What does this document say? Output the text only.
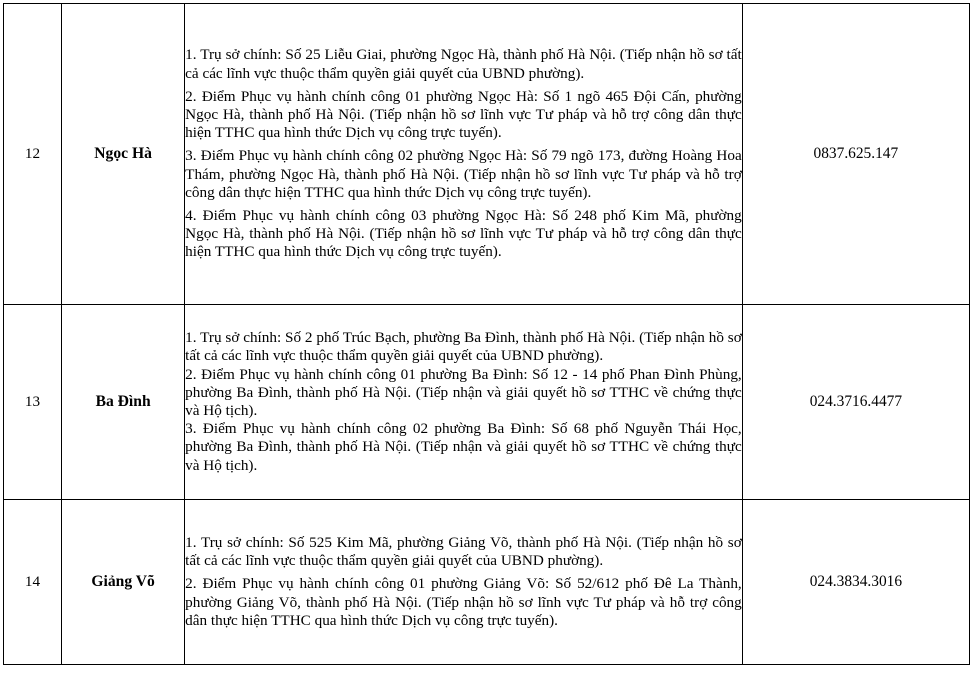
12	Ngọc Hà	1. Trụ sở chính: Số 25 Liễu Giai, phường Ngọc Hà, thành phố Hà Nội. (Tiếp nhận hồ sơ tất cả các lĩnh vực thuộc thẩm quyền giải quyết của UBND phường).

2. Điểm Phục vụ hành chính công 01 phường Ngọc Hà: Số 1 ngõ 465 Đội Cấn, phường Ngọc Hà, thành phố Hà Nội. (Tiếp nhận hồ sơ lĩnh vực Tư pháp và hỗ trợ công dân thực hiện TTHC qua hình thức Dịch vụ công trực tuyến).

3. Điểm Phục vụ hành chính công 02 phường Ngọc Hà: Số 79 ngõ 173, đường Hoàng Hoa Thám, phường Ngọc Hà, thành phố Hà Nội. (Tiếp nhận hồ sơ lĩnh vực Tư pháp và hỗ trợ công dân thực hiện TTHC qua hình thức Dịch vụ công trực tuyến).

4. Điểm Phục vụ hành chính công 03 phường Ngọc Hà: Số 248 phố Kim Mã, phường Ngọc Hà, thành phố Hà Nội. (Tiếp nhận hồ sơ lĩnh vực Tư pháp và hỗ trợ công dân thực hiện TTHC qua hình thức Dịch vụ công trực tuyến).	0837.625.147
13	Ba Đình	1. Trụ sở chính: Số 2 phố Trúc Bạch, phường Ba Đình, thành phố Hà Nội. (Tiếp nhận hồ sơ tất cả các lĩnh vực thuộc thẩm quyền giải quyết của UBND phường).

2. Điểm Phục vụ hành chính công 01 phường Ba Đình: Số 12 - 14 phố Phan Đình Phùng, phường Ba Đình, thành phố Hà Nội. (Tiếp nhận và giải quyết hồ sơ TTHC về chứng thực và Hộ tịch).

3. Điểm Phục vụ hành chính công 02 phường Ba Đình: Số 68 phố Nguyễn Thái Học, phường Ba Đình, thành phố Hà Nội. (Tiếp nhận và giải quyết hồ sơ TTHC về chứng thực và Hộ tịch).	024.3716.4477
14	Giảng Võ	1. Trụ sở chính: Số 525 Kim Mã, phường Giảng Võ, thành phố Hà Nội. (Tiếp nhận hồ sơ tất cả các lĩnh vực thuộc thẩm quyền giải quyết của UBND phường).

2. Điểm Phục vụ hành chính công 01 phường Giảng Võ: Số 52/612 phố Đê La Thành, phường Giảng Võ, thành phố Hà Nội. (Tiếp nhận hồ sơ lĩnh vực Tư pháp và hỗ trợ công dân thực hiện TTHC qua hình thức Dịch vụ công trực tuyến).	024.3834.3016
